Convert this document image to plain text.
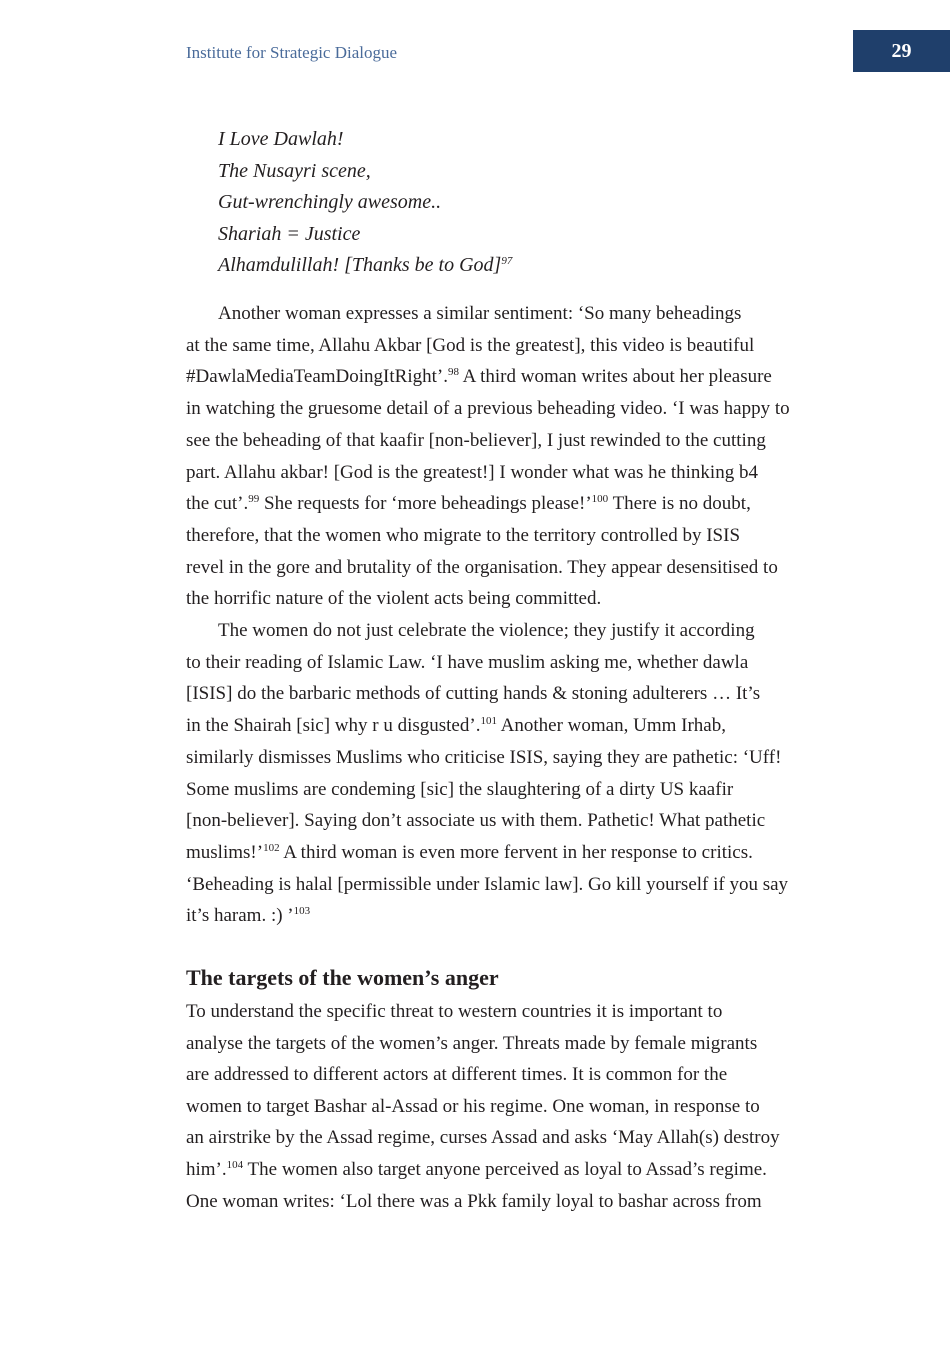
Institute for Strategic Dialogue	29
I Love Dawlah!
The Nusayri scene,
Gut-wrenchingly awesome..
Shariah = Justice
Alhamdulillah! [Thanks be to God]$^{97}$
Another woman expresses a similar sentiment: ‘So many beheadings
at the same time, Allahu Akbar [God is the greatest], this video is beautiful
#DawlaMediaTeamDoingItRight’.$^{98}$ A third woman writes about her pleasure
in watching the gruesome detail of a previous beheading video. ‘I was happy to
see the beheading of that kaafir [non-believer], I just rewinded to the cutting
part. Allahu akbar! [God is the greatest!] I wonder what was he thinking b4
the cut’.$^{99}$ She requests for ‘more beheadings please!’$^{100}$ There is no doubt,
therefore, that the women who migrate to the territory controlled by ISIS
revel in the gore and brutality of the organisation. They appear desensitised to
the horrific nature of the violent acts being committed.
The women do not just celebrate the violence; they justify it according
to their reading of Islamic Law. ‘I have muslim asking me, whether dawla
[ISIS] do the barbaric methods of cutting hands & stoning adulterers … It’s
in the Shairah [sic] why r u disgusted’.$^{101}$ Another woman, Umm Irhab,
similarly dismisses Muslims who criticise ISIS, saying they are pathetic: ‘Uff!
Some muslims are condeming [sic] the slaughtering of a dirty US kaafir
[non-believer]. Saying don’t associate us with them. Pathetic! What pathetic
muslims!’$^{102}$ A third woman is even more fervent in her response to critics.
‘Beheading is halal [permissible under Islamic law]. Go kill yourself if you say
it’s haram. :) ’$^{103}$
The targets of the women’s anger
To understand the specific threat to western countries it is important to
analyse the targets of the women’s anger. Threats made by female migrants
are addressed to different actors at different times. It is common for the
women to target Bashar al-Assad or his regime. One woman, in response to
an airstrike by the Assad regime, curses Assad and asks ‘May Allah(s) destroy
him’.$^{104}$ The women also target anyone perceived as loyal to Assad’s regime.
One woman writes: ‘Lol there was a Pkk family loyal to bashar across from
